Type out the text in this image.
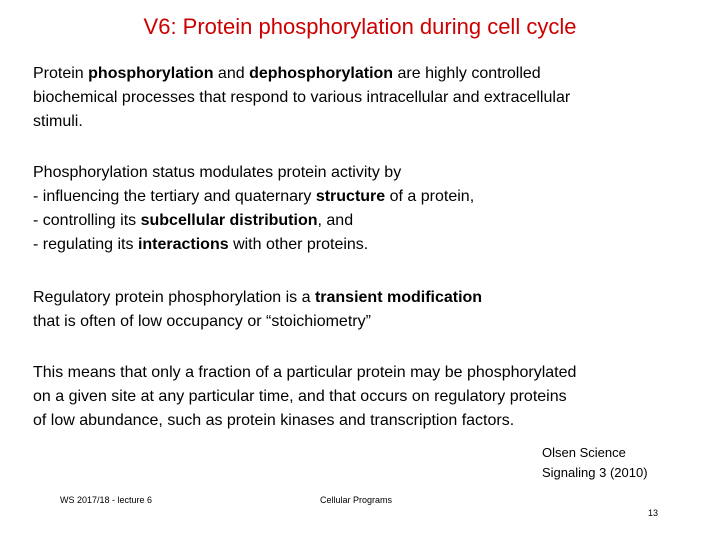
V6: Protein phosphorylation during cell cycle
Protein phosphorylation and dephosphorylation are highly controlled
biochemical processes that respond to various intracellular and extracellular
stimuli.
Phosphorylation status modulates protein activity by
- influencing the tertiary and quaternary structure of a protein,
- controlling its subcellular distribution, and
- regulating its interactions with other proteins.
Regulatory protein phosphorylation is a transient modification
that is often of low occupancy or “stoichiometry”
This means that only a fraction of a particular protein may be phosphorylated
on a given site at any particular time, and that occurs on regulatory proteins
of low abundance, such as protein kinases and transcription factors.
Olsen Science
Signaling 3 (2010)
WS 2017/18 - lecture 6	Cellular Programs
13
